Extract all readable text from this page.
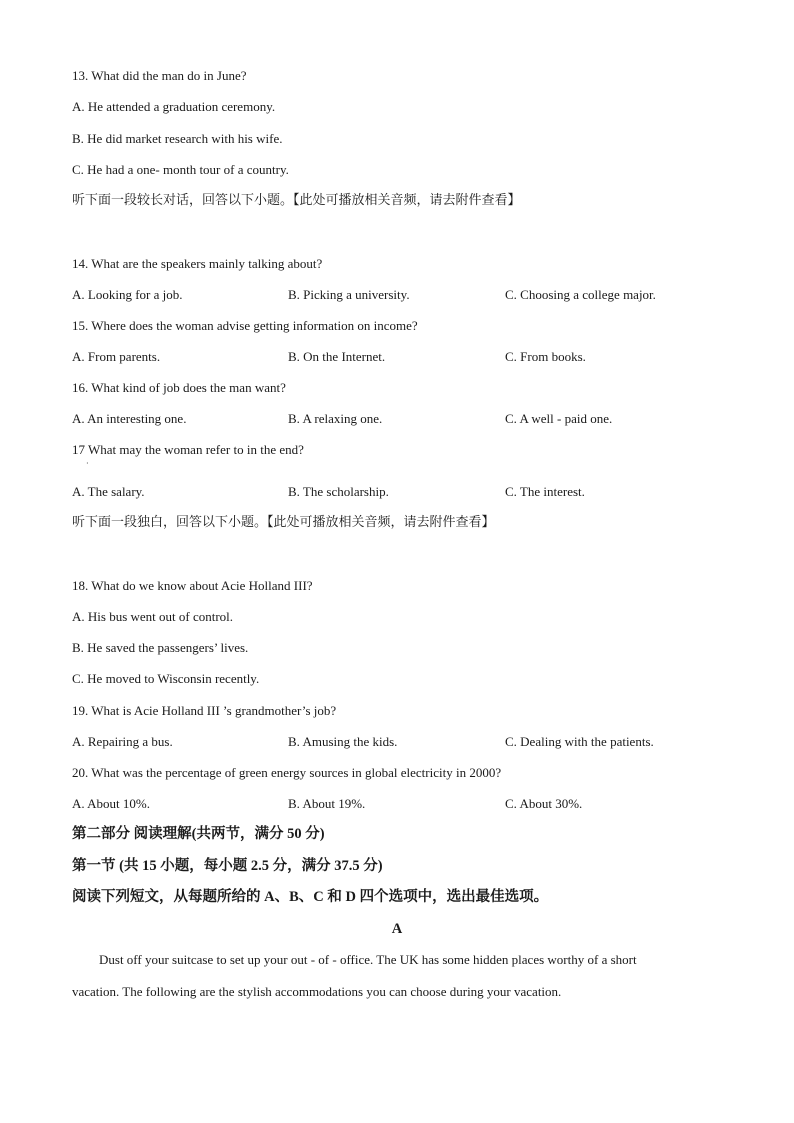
13. What did the man do in June?
A. He attended a graduation ceremony.
B. He did market research with his wife.
C. He had a one- month tour of a country.
听下面一段较长对话，回答以下小题。【此处可播放相关音频，请去附件查看】
14. What are the speakers mainly talking about?
A. Looking for a job.	B. Picking a university.	C. Choosing a college major.
15. Where does the woman advise getting information on income?
A. From parents.	B. On the Internet.	C. From books.
16. What kind of job does the man want?
A. An interesting one.	B. A relaxing one.	C. A well - paid one.
17 What may the woman refer to in the end?
·
A. The salary.	B. The scholarship.	C. The interest.
听下面一段独白，回答以下小题。【此处可播放相关音频，请去附件查看】
18. What do we know about Acie Holland III?
A. His bus went out of control.
B. He saved the passengers’ lives.
C. He moved to Wisconsin recently.
19. What is Acie Holland III ’s grandmother’s job?
A. Repairing a bus.	B. Amusing the kids.	C. Dealing with the patients.
20. What was the percentage of green energy sources in global electricity in 2000?
A. About 10%.	B. About 19%.	C. About 30%.
第二部分 阅读理解(共两节，满分 50 分)
第一节 (共 15 小题，每小题 2.5 分，满分 37.5 分)
阅读下列短文，从每题所给的 A、B、C 和 D 四个选项中，选出最佳选项。
A
Dust off your suitcase to set up your out - of - office. The UK has some hidden places worthy of a short
vacation. The following are the stylish accommodations you can choose during your vacation.
